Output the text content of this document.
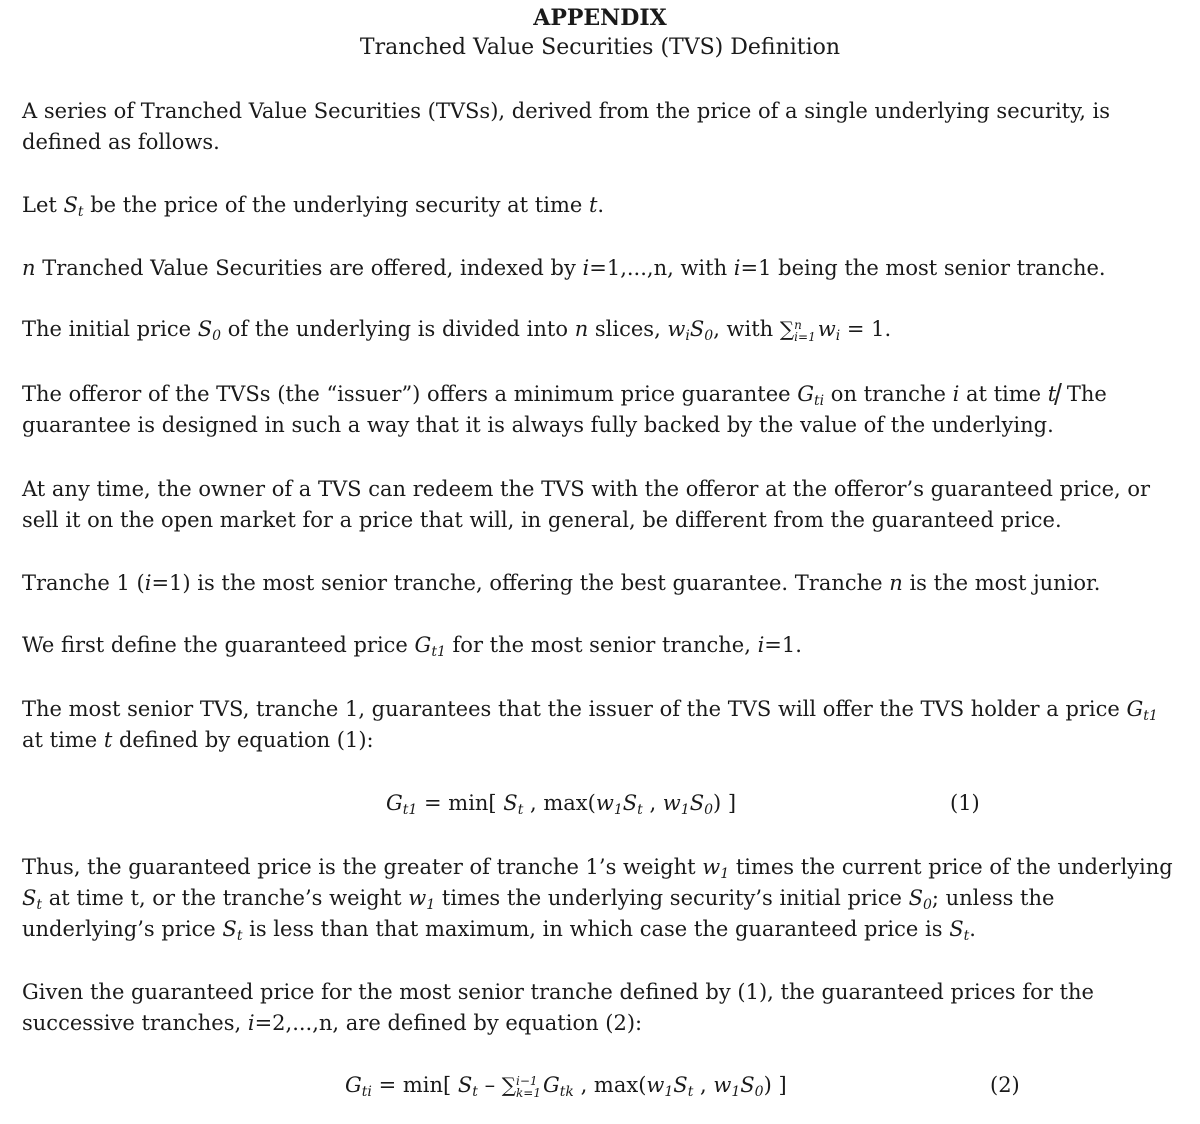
APPENDIX
Tranched Value Securities (TVS) Definition

A series of Tranched Value Securities (TVSs), derived from the price of a single underlying security, is defined as follows.

Let $S_t$ be the price of the underlying security at time t.

n Tranched Value Securities are offered, indexed by i=1,...,n, with i=1 being the most senior tranche.

The initial price $S_0$ of the underlying is divided into n slices, $w_iS_0$, with ∑ n
i=1 $w_i = 1$.

The offeror of the TVSs (the “issuer”) offers a minimum price guarantee $G_{ti}$ on tranche i at time t The guarantee is designed in such a way that it is always fully backed by the value of the underlying.

At any time, the owner of a TVS can redeem the TVS with the offeror at the offeror’s guaranteed price, or sell it on the open market for a price that will, in general, be different from the guaranteed price.

Tranche 1 (i=1) is the most senior tranche, offering the best guarantee. Tranche n is the most junior.

We first define the guaranteed price $G_{t1}$ for the most senior tranche, i=1.

The most senior TVS, tranche 1, guarantees that the issuer of the TVS will offer the TVS holder a price $G_{t1}$ at time t defined by equation (1):

$G_{t1} = \min$[ $S_t$ , $\max(w_1S_t$ , $w_1S_0$) ]	(1)

Thus, the guaranteed price is the greater of tranche 1’s weight $w_1$ times the current price of the underlying $S_t$ at time t, or the tranche’s weight $w_1$ times the underlying security’s initial price $S_0$; unless the underlying’s price $S_t$ is less than that maximum, in which case the guaranteed price is $S_t$.

Given the guaranteed price for the most senior tranche defined by (1), the guaranteed prices for the successive tranches, i=2,...,n, are defined by equation (2):

$G_{ti} = \min$[ $S_t$ – ∑ i−1
k=1 $G_{tk}$ , $\max(w_1S_t$ , $w_1S_0$) ]	(2)
